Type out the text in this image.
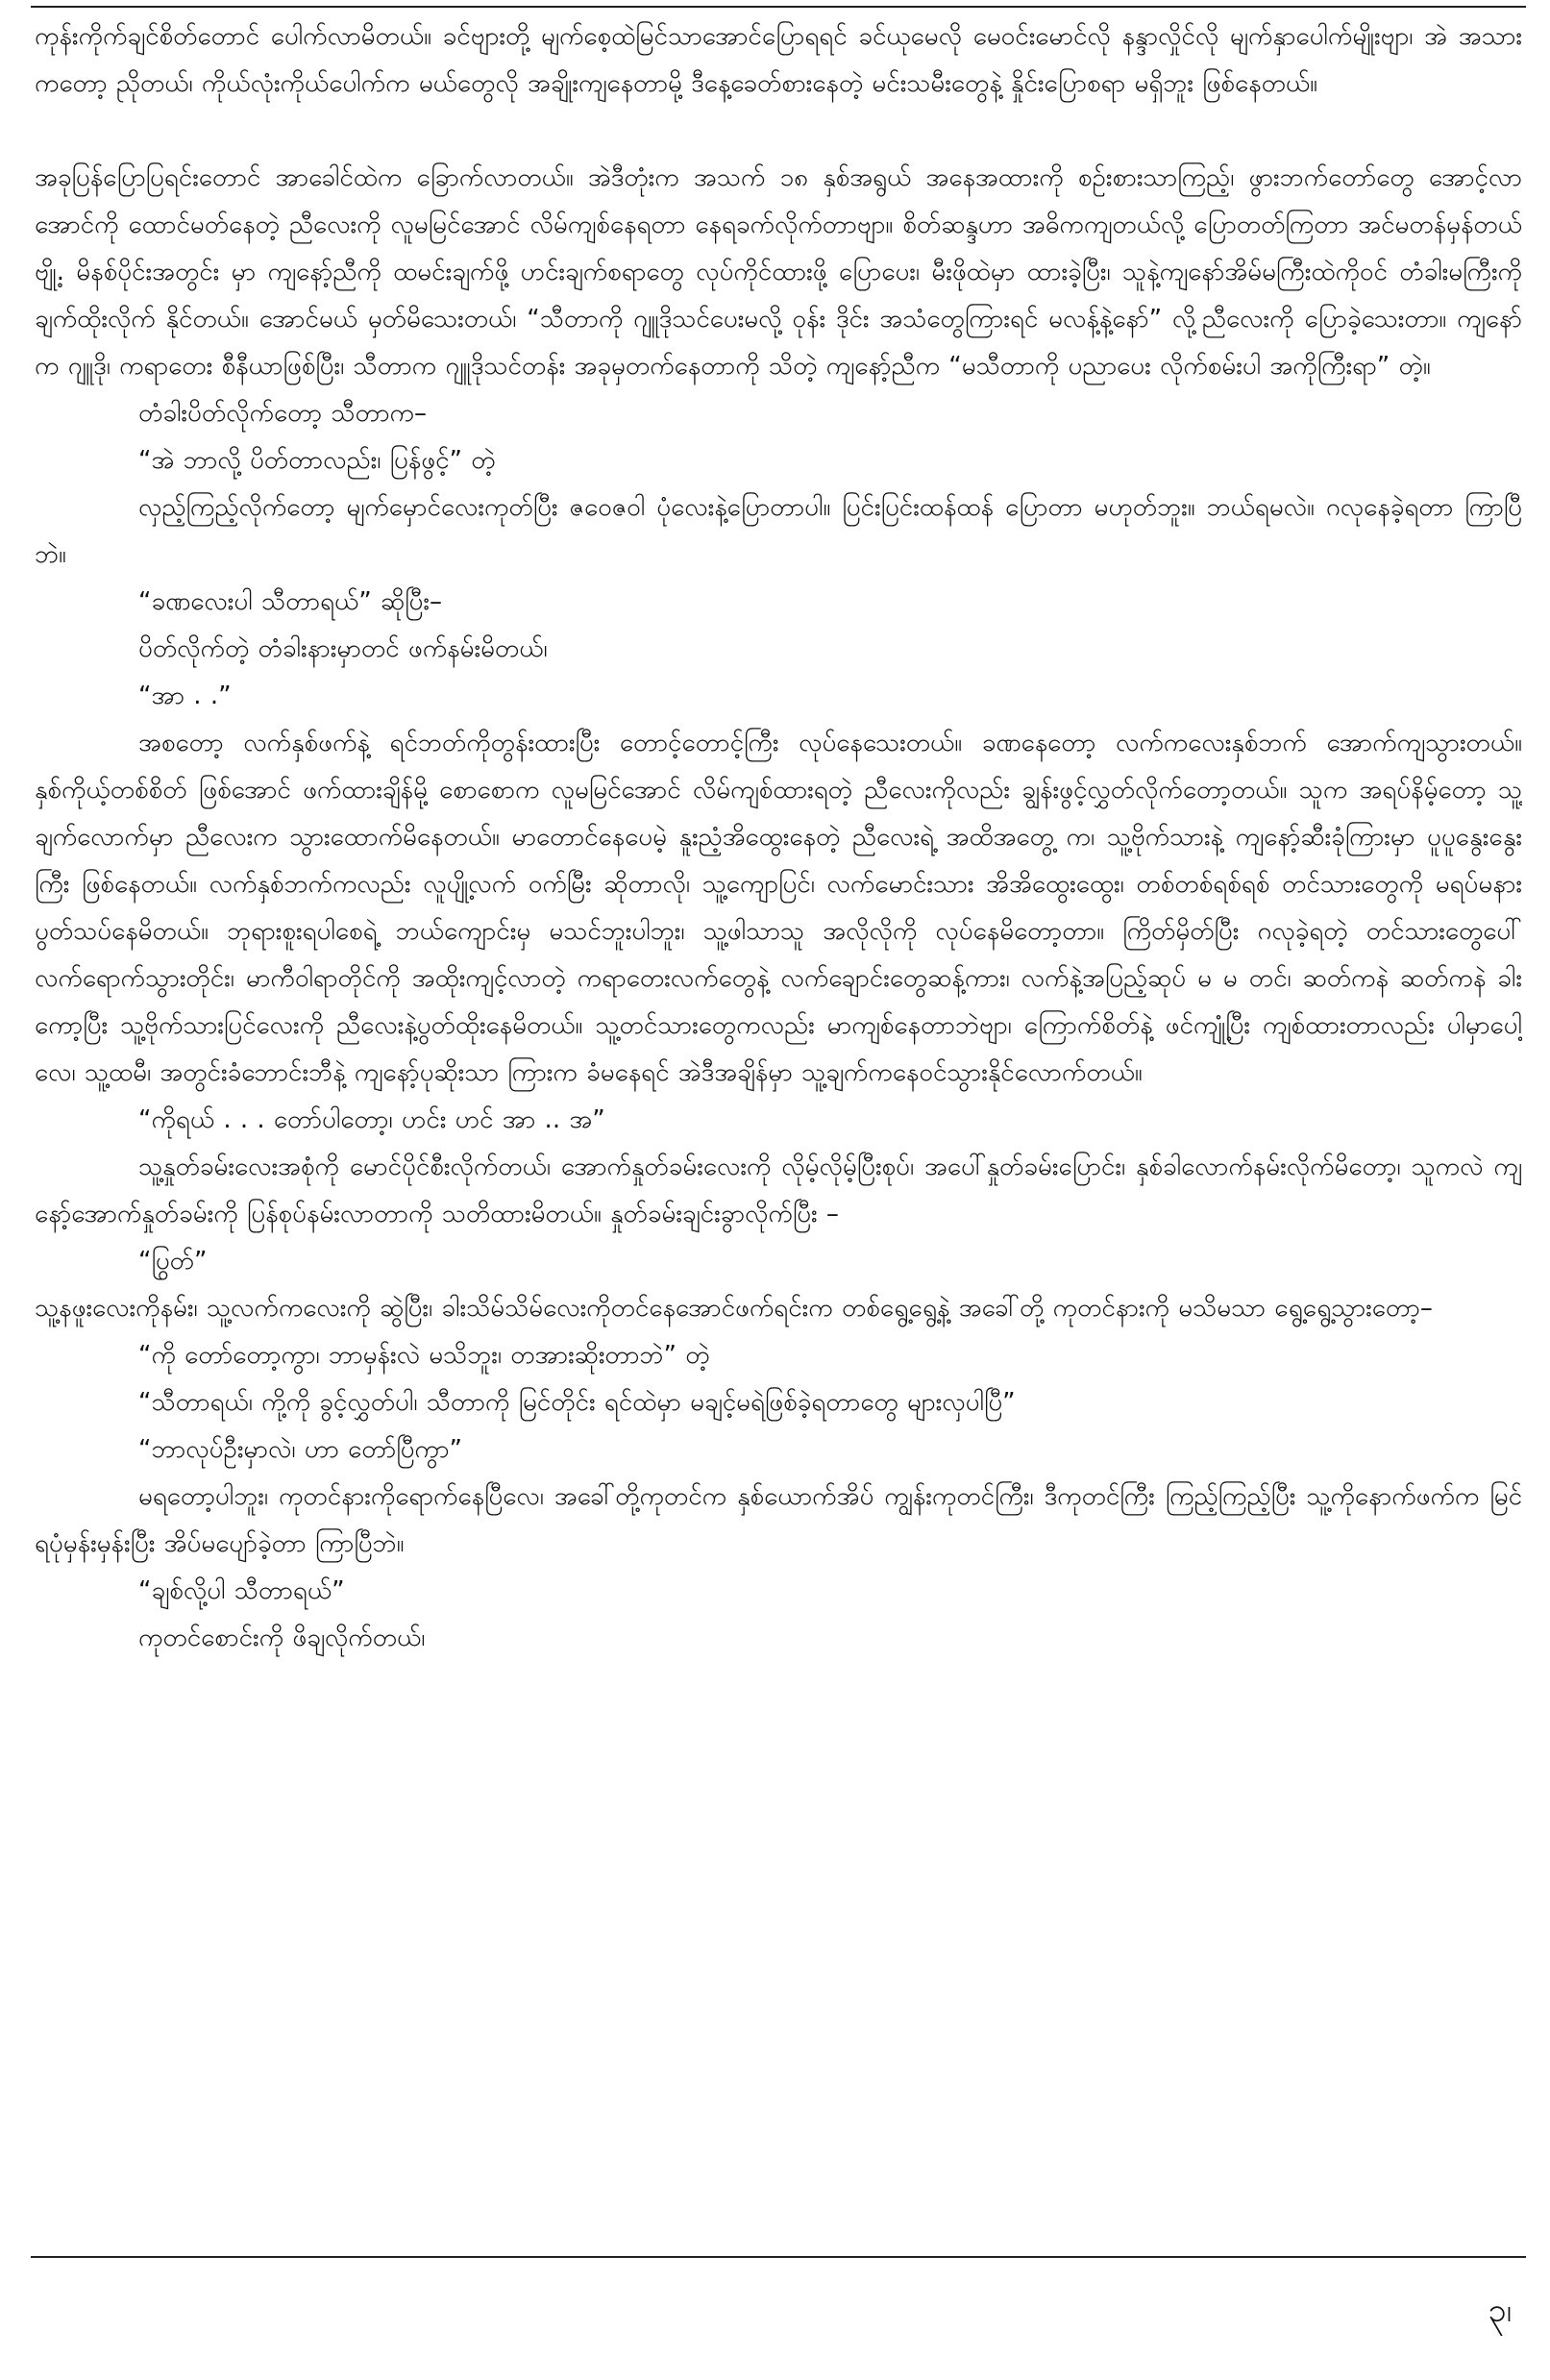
ကုန်းကိုက်ချင်စိတ်တောင် ပေါက်လာမိတယ်။ ခင်ဗျားတို့ မျက်စေ့ထဲမြင်သာအောင်ပြောရရင် ခင်ယုမေလို မေဝင်းမောင်လို နန္ဒာလှိုင်လို မျက်နှာပေါက်မျိုးဗျာ၊ အဲ အသားကတော့ ညိုတယ်၊ ကိုယ်လုံးကိုယ်ပေါက်က မယ်တွေလို အချိုးကျနေတာမို့ ဒီနေ့ခေတ်စားနေတဲ့ မင်းသမီးတွေနဲ့ နှိုင်းပြောစရာ မရှိဘူး ဖြစ်နေတယ်။

အခုပြန်ပြောပြရင်းတောင် အာခေါင်ထဲက ခြောက်လာတယ်။ အဲဒီတုံးက အသက် ၁၈ နှစ်အရွယ် အနေအထားကို စဉ်းစားသာကြည့်၊ ဖွားဘက်တော်တွေ အောင့်လာအောင်ကို ထောင်မတ်နေတဲ့ ညီလေးကို လူမမြင်အောင် လိမ်ကျစ်နေရတာ နေရခက်လိုက်တာဗျာ။ စိတ်ဆန္ဒဟာ အဓိကကျတယ်လို့ ပြောတတ်ကြတာ အင်မတန်မှန်တယ်ဗျို့. မိနစ်ပိုင်းအတွင်း မှာ ကျနော့်ညီကို ထမင်းချက်ဖို့ ဟင်းချက်စရာတွေ လုပ်ကိုင်ထားဖို့ ပြောပေး၊ မီးဖိုထဲမှာ ထားခဲ့ပြီး၊ သူနဲ့ကျနော်အိမ်မကြီးထဲကိုဝင် တံခါးမကြီးကို ချက်ထိုးလိုက် နိုင်တယ်။ အောင်မယ် မှတ်မိသေးတယ်၊ “သီတာကို ဂျူဒိုသင်ပေးမလို့ ဝုန်း ဒိုင်း အသံတွေကြားရင် မလန့်နဲ့နော်” လို့ညီလေးကို ပြောခဲ့သေးတာ။ ကျနော်က ဂျူဒို၊ ကရာတေး စီနီယာဖြစ်ပြီး၊ သီတာက ဂျူဒိုသင်တန်း အခုမှတက်နေတာကို သိတဲ့ ကျနော့်ညီက “မသီတာကို ပညာပေး လိုက်စမ်းပါ အကိုကြီးရာ” တဲ့။

တံခါးပိတ်လိုက်တော့ သီတာက–

“အဲ ဘာလို့ ပိတ်တာလည်း၊ ပြန်ဖွင့်” တဲ့

လှည့်ကြည့်လိုက်တော့ မျက်မှောင်လေးကုတ်ပြီး ဇဝေဇဝါ ပုံလေးနဲ့ပြောတာပါ။ ပြင်းပြင်းထန်ထန် ပြောတာ မဟုတ်ဘူး။ ဘယ်ရမလဲ။ ဂလုနေခဲ့ရတာ ကြာပြီဘဲ။

“ခဏလေးပါ သီတာရယ်” ဆိုပြီး–

ပိတ်လိုက်တဲ့ တံခါးနားမှာတင် ဖက်နမ်းမိတယ်၊

“အာ . .”

အစတော့ လက်နှစ်ဖက်နဲ့ ရင်ဘတ်ကိုတွန်းထားပြီး တောင့်တောင့်ကြီး လုပ်နေသေးတယ်။ ခဏနေတော့ လက်ကလေးနှစ်ဘက် အောက်ကျသွားတယ်။ နှစ်ကိုယ့်တစ်စိတ် ဖြစ်အောင် ဖက်ထားချိန်မို့ စောစောက လူမမြင်အောင် လိမ်ကျစ်ထားရတဲ့ ညီလေးကိုလည်း ချွန်းဖွင့်လွှတ်လိုက်တော့တယ်။ သူက အရပ်နိမ့်တော့ သူ့ချက်လောက်မှာ ညီလေးက သွားထောက်မိနေတယ်။ မာတောင်နေပေမဲ့ နူးညံ့အိထွေးနေတဲ့ ညီလေးရဲ့ အထိအတွေ့ က၊ သူ့ဗိုက်သားနဲ့ ကျနော့်ဆီးခုံကြားမှာ ပူပူနွေးနွေးကြီး ဖြစ်နေတယ်။ လက်နှစ်ဘက်ကလည်း လူပျို့လက် ဝက်မြီး ဆိုတာလို၊ သူ့ကျောပြင်၊ လက်မောင်းသား အိအိထွေးထွေး၊ တစ်တစ်ရစ်ရစ် တင်သားတွေကို မရပ်မနား ပွတ်သပ်နေမိတယ်။ ဘုရားစူးရပါစေရဲ့ ဘယ်ကျောင်းမှ မသင်ဘူးပါဘူး၊ သူ့ဖါသာသူ အလိုလိုကို လုပ်နေမိတော့တာ။ ကြိတ်မှိတ်ပြီး ဂလုခဲ့ရတဲ့ တင်သားတွေပေါ် လက်ရောက်သွားတိုင်း၊ မာကီဝါရာတိုင်ကို အထိုးကျင့်လာတဲ့ ကရာတေးလက်တွေနဲ့ လက်ချောင်းတွေဆန့်ကား၊ လက်နဲ့အပြည့်ဆုပ် မ မ တင်၊ ဆတ်ကနဲ ဆတ်ကနဲ ခါးကော့ပြီး သူ့ဗိုက်သားပြင်လေးကို ညီလေးနဲ့ပွတ်ထိုးနေမိတယ်။ သူ့တင်သားတွေကလည်း မာကျစ်နေတာဘဲဗျာ၊ ကြောက်စိတ်နဲ့ ဖင်ကျုံ့ပြီး ကျစ်ထားတာလည်း ပါမှာပေါ့လေ၊ သူ့ထမီ၊ အတွင်းခံဘောင်းဘီနဲ့ ကျနော့်ပုဆိုးသာ ကြားက ခံမနေရင် အဲဒီအချိန်မှာ သူ့ချက်ကနေဝင်သွားနိုင်လောက်တယ်။

“ကိုရယ် . . . တော်ပါတော့၊ ဟင်း ဟင် အာ .. အ”

သူ့နှုတ်ခမ်းလေးအစုံကို မောင်ပိုင်စီးလိုက်တယ်၊ အောက်နှုတ်ခမ်းလေးကို လိုမ့်လိုမ့်ပြီးစုပ်၊ အပေါ်နှုတ်ခမ်းပြောင်း၊ နှစ်ခါလောက်နမ်းလိုက်မိတော့၊ သူကလဲ ကျနော့်အောက်နှုတ်ခမ်းကို ပြန်စုပ်နမ်းလာတာကို သတိထားမိတယ်။ နှုတ်ခမ်းချင်းခွာလိုက်ပြီး –

“ပြွတ်”

သူ့နဖူးလေးကိုနမ်း၊ သူ့လက်ကလေးကို ဆွဲပြီး၊ ခါးသိမ်သိမ်လေးကိုတင်နေအောင်ဖက်ရင်းက တစ်ရွေ့ရွေ့နဲ့ အခေါ်တို့ ကုတင်နားကို မသိမသာ ရွေ့ရွေ့သွားတော့–

“ကို တော်တော့ကွာ၊ ဘာမှန်းလဲ မသိဘူး၊ တအားဆိုးတာဘဲ” တဲ့

“သီတာရယ်၊ ကို့ကို ခွင့်လွှတ်ပါ၊ သီတာကို မြင်တိုင်း ရင်ထဲမှာ မချင့်မရဲဖြစ်ခဲ့ရတာတွေ များလှပါပြီ”

“ဘာလုပ်ဦးမှာလဲ၊ ဟာ တော်ပြီကွာ”

မရတော့ပါဘူး၊ ကုတင်နားကိုရောက်နေပြီလေ၊ အခေါ်တို့ကုတင်က နှစ်ယောက်အိပ် ကျွန်းကုတင်ကြီး၊ ဒီကုတင်ကြီး ကြည့်ကြည့်ပြီး သူ့ကိုနောက်ဖက်က မြင်ရပုံမှန်းမှန်းပြီး အိပ်မပျော်ခဲ့တာ ကြာပြီဘဲ။

“ချစ်လို့ပါ သီတာရယ်”

ကုတင်စောင်းကို ဖိချလိုက်တယ်၊

၃၊
